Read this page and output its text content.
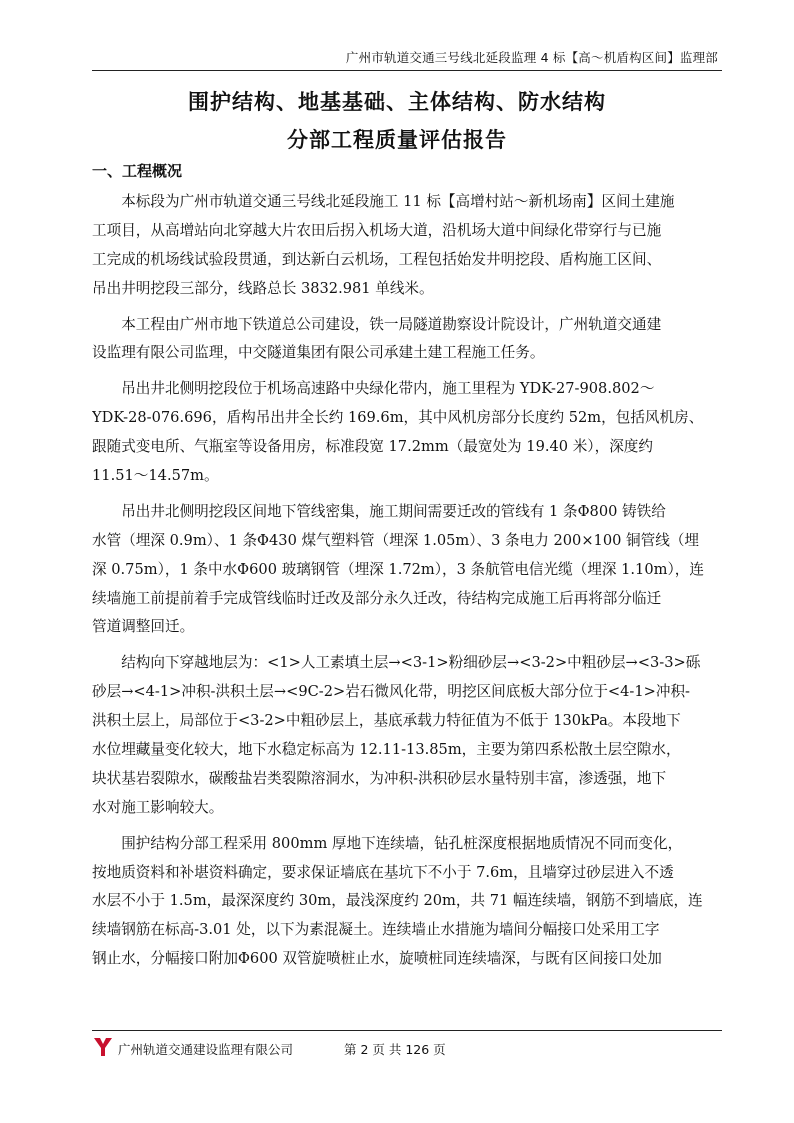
广州市轨道交通三号线北延段监理 4 标【高～机盾构区间】监理部
围护结构、地基基础、主体结构、防水结构
分部工程质量评估报告
一、工程概况
　　本标段为广州市轨道交通三号线北延段施工 11 标【高增村站～新机场南】区间土建施
工项目，从高增站向北穿越大片农田后拐入机场大道，沿机场大道中间绿化带穿行与已施
工完成的机场线试验段贯通，到达新白云机场，工程包括始发井明挖段、盾构施工区间、
吊出井明挖段三部分，线路总长 3832.981 单线米。
　　本工程由广州市地下铁道总公司建设，铁一局隧道勘察设计院设计，广州轨道交通建
设监理有限公司监理，中交隧道集团有限公司承建土建工程施工任务。
　　吊出井北侧明挖段位于机场高速路中央绿化带内，施工里程为 YDK-27-908.802～
YDK-28-076.696，盾构吊出井全长约 169.6m，其中风机房部分长度约 52m，包括风机房、
跟随式变电所、气瓶室等设备用房，标准段宽 17.2mm（最宽处为 19.40 米），深度约
11.51～14.57m。
　　吊出井北侧明挖段区间地下管线密集，施工期间需要迁改的管线有 1 条Φ800 铸铁给
水管（埋深 0.9m）、1 条Φ430 煤气塑料管（埋深 1.05m）、3 条电力 200×100 铜管线（埋
深 0.75m），1 条中水Φ600 玻璃钢管（埋深 1.72m），3 条航管电信光缆（埋深 1.10m），连
续墙施工前提前着手完成管线临时迁改及部分永久迁改，待结构完成施工后再将部分临迁
管道调整回迁。
　　结构向下穿越地层为：<1>人工素填土层→<3-1>粉细砂层→<3-2>中粗砂层→<3-3>砾
砂层→<4-1>冲积-洪积土层→<9C-2>岩石微风化带，明挖区间底板大部分位于<4-1>冲积-
洪积土层上，局部位于<3-2>中粗砂层上，基底承载力特征值为不低于 130kPa。本段地下
水位埋藏量变化较大，地下水稳定标高为 12.11-13.85m，主要为第四系松散土层空隙水，
块状基岩裂隙水，碳酸盐岩类裂隙溶洞水，为冲积-洪积砂层水量特别丰富，渗透强，地下
水对施工影响较大。
　　围护结构分部工程采用 800mm 厚地下连续墙，钻孔桩深度根据地质情况不同而变化，
按地质资料和补堪资料确定，要求保证墙底在基坑下不小于 7.6m，且墙穿过砂层进入不透
水层不小于 1.5m，最深深度约 30m，最浅深度约 20m，共 71 幅连续墙，钢筋不到墙底，连
续墙钢筋在标高-3.01 处，以下为素混凝土。连续墙止水措施为墙间分幅接口处采用工字
钢止水，分幅接口附加Φ600 双管旋喷桩止水，旋喷桩同连续墙深，与既有区间接口处加
广州轨道交通建设监理有限公司	第 2 页 共 126 页
